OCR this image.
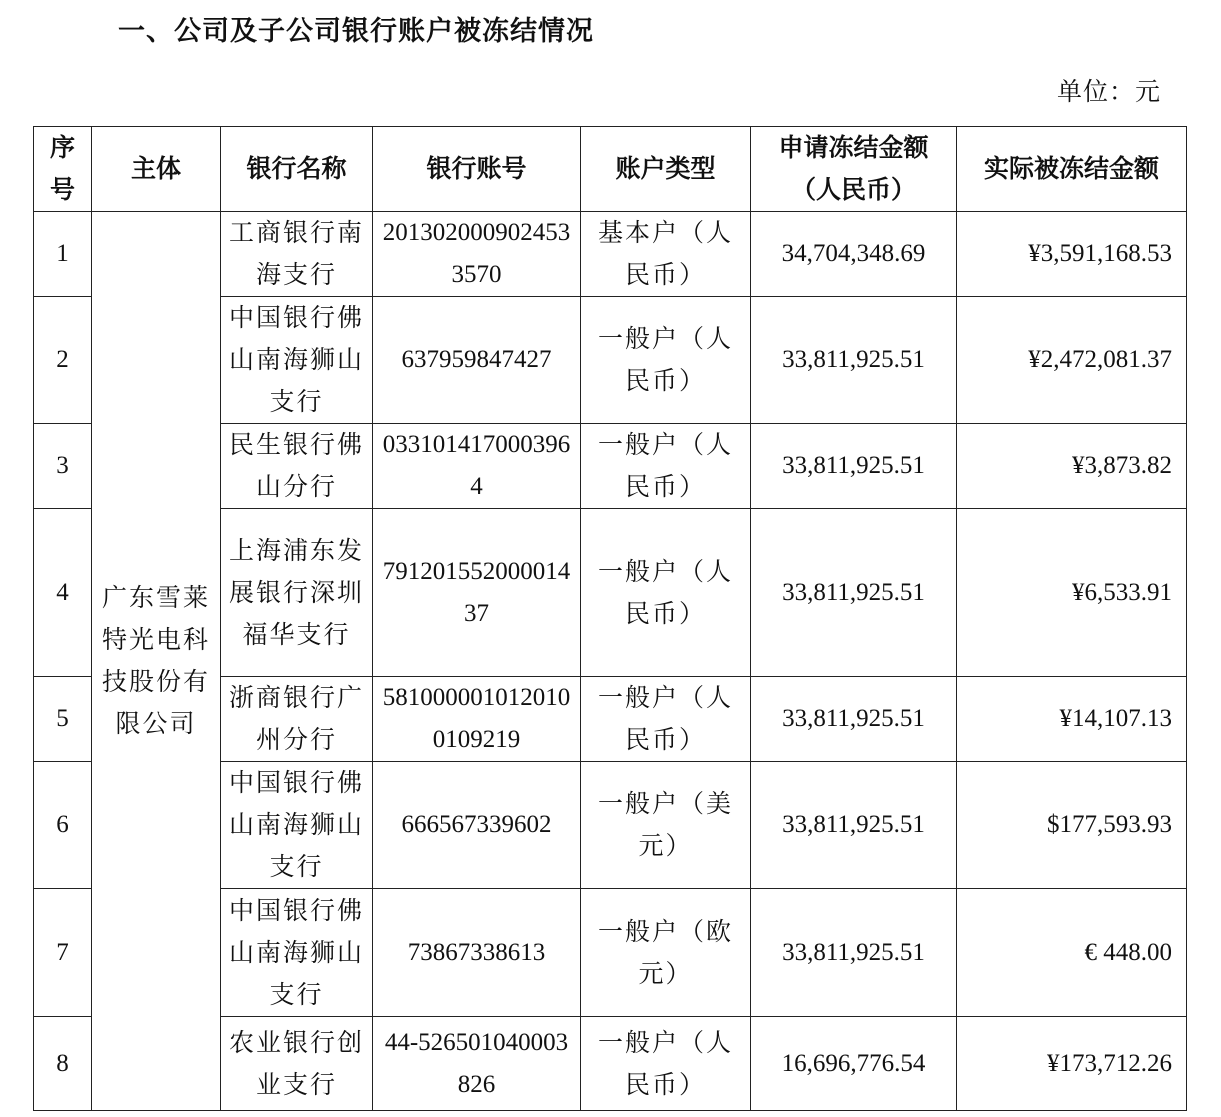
一、公司及子公司银行账户被冻结情况
单位：元
序号	主体	银行名称	银行账号	账户类型	申请冻结金额（人民币）	实际被冻结金额
1	广东雪莱特光电科技股份有限公司	工商银行南海支行	2013020009024533570	基本户（人民币）	34,704,348.69	¥3,591,168.53
2		中国银行佛山南海狮山支行	637959847427	一般户（人民币）	33,811,925.51	¥2,472,081.37
3		民生银行佛山分行	0331014170003964	一般户（人民币）	33,811,925.51	¥3,873.82
4		上海浦东发展银行深圳福华支行	79120155200001437	一般户（人民币）	33,811,925.51	¥6,533.91
5		浙商银行广州分行	5810000010120100109219	一般户（人民币）	33,811,925.51	¥14,107.13
6		中国银行佛山南海狮山支行	666567339602	一般户（美元）	33,811,925.51	$177,593.93
7		中国银行佛山南海狮山支行	73867338613	一般户（欧元）	33,811,925.51	€ 448.00
8		农业银行创业支行	44-526501040003826	一般户（人民币）	16,696,776.54	¥173,712.26
